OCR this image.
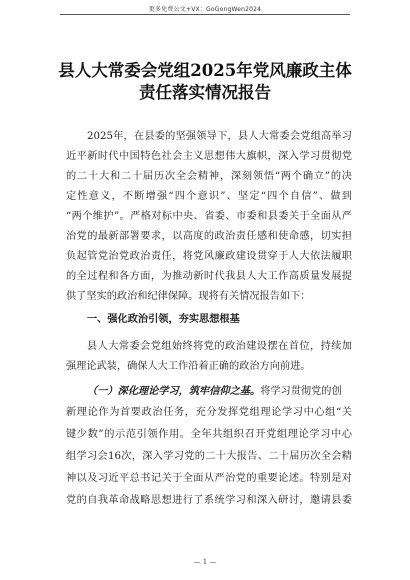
更多免费公文+VX：GoGongWen2024
县人大常委会党组2025年党风廉政主体
责任落实情况报告
2025年，在县委的坚强领导下，县人大常委会党组高举习
近平新时代中国特色社会主义思想伟大旗帜，深入学习贯彻党
的二十大和二十届历次全会精神，深刻领悟“两个确立”的决
定性意义，不断增强“四个意识”、坚定“四个自信”、做到
“两个维护”。严格对标中央、省委、市委和县委关于全面从严
治党的最新部署要求，以高度的政治责任感和使命感，切实担
负起管党治党政治责任，将党风廉政建设贯穿于人大依法履职
的全过程和各方面，为推动新时代我县人大工作高质量发展提
供了坚实的政治和纪律保障。现将有关情况报告如下：
一、强化政治引领，夯实思想根基
县人大常委会党组始终将党的政治建设摆在首位，持续加
强理论武装，确保人大工作沿着正确的政治方向前进。
（一）深化理论学习，筑牢信仰之基。将学习贯彻党的创
新理论作为首要政治任务，充分发挥党组理论学习中心组“关
键少数”的示范引领作用。全年共组织召开党组理论学习中心
组学习会16次，深入学习党的二十大报告、二十届历次全会精
神以及习近平总书记关于全面从严治党的重要论述。特别是对
党的自我革命战略思想进行了系统学习和深入研讨，邀请县委
— 1 —
